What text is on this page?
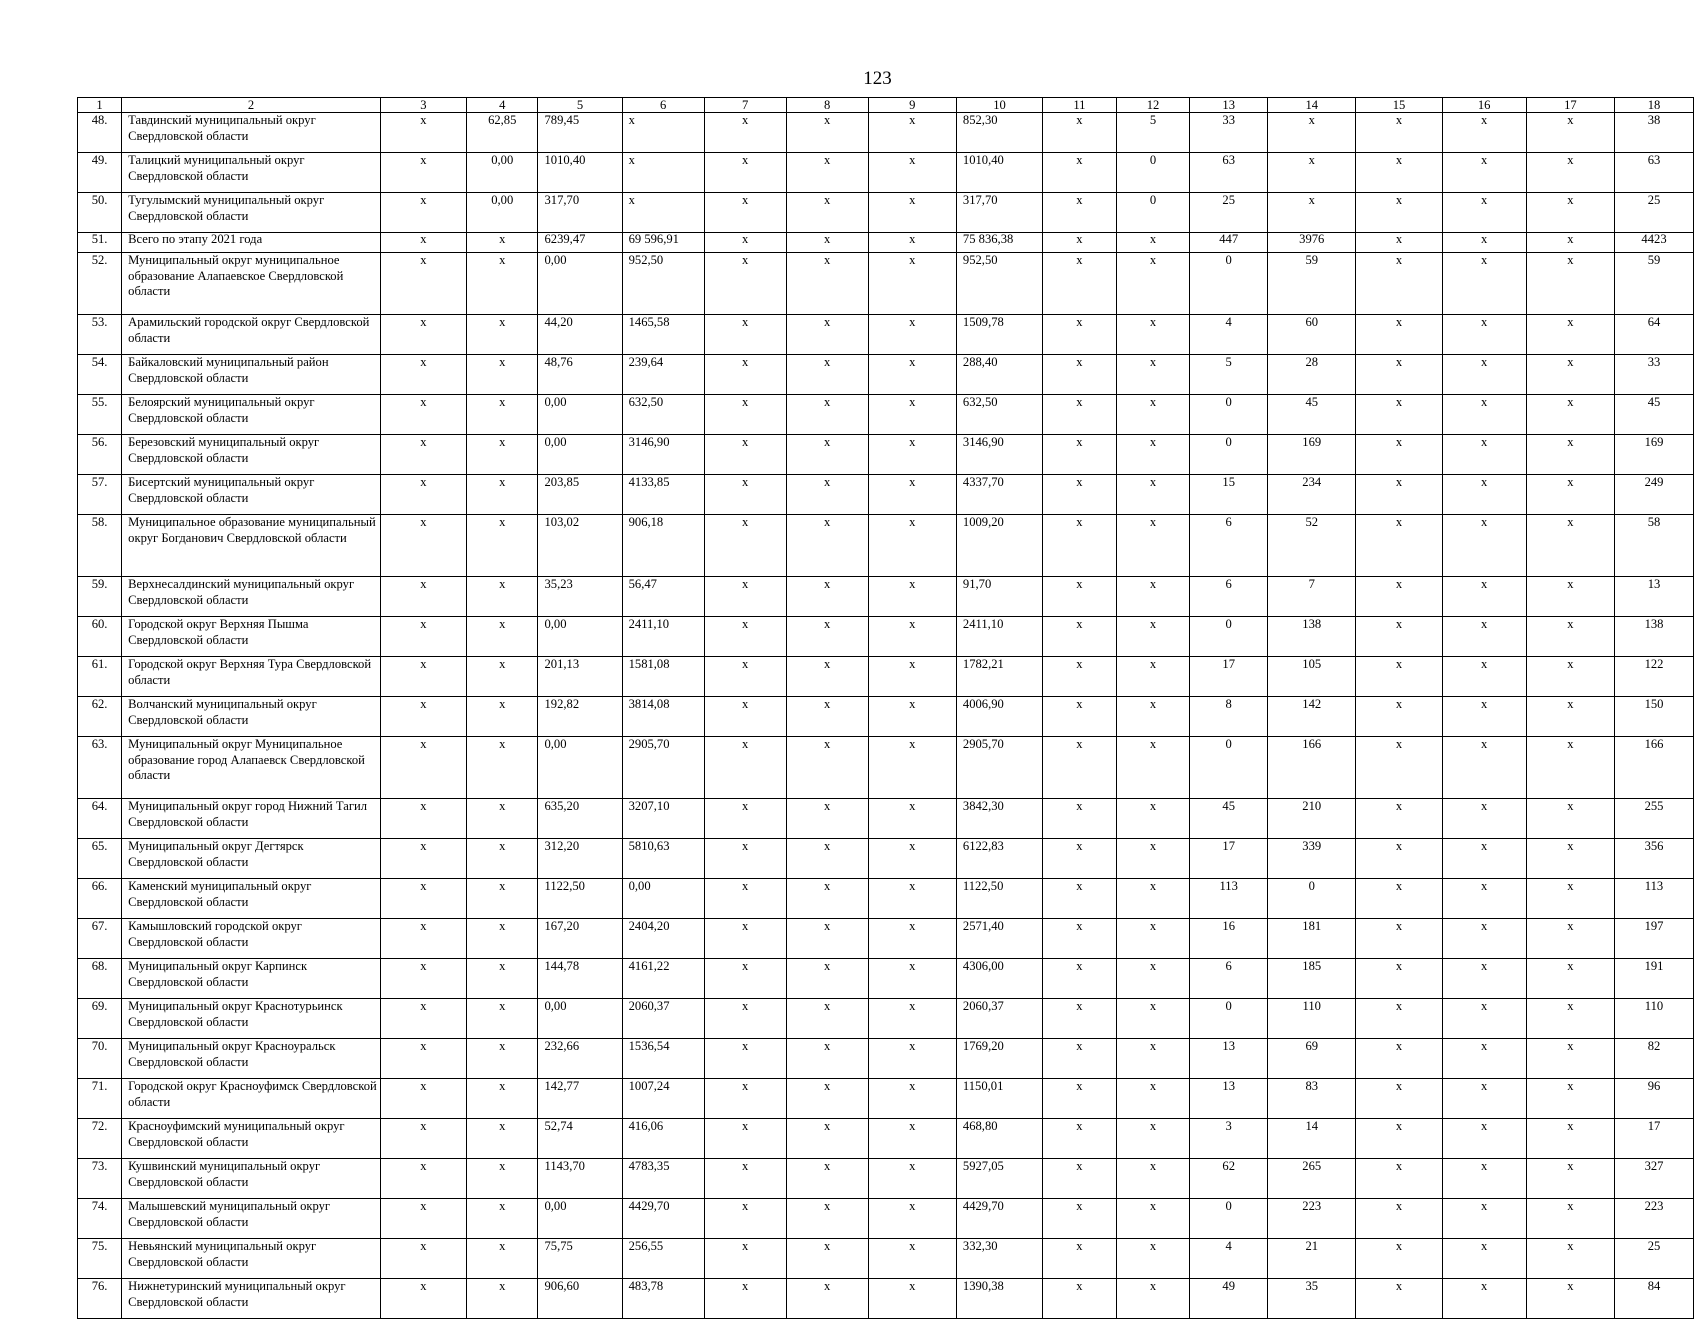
123
1	2	3	4	5	6	7	8	9	10	11	12	13	14	15	16	17	18
48.	Тавдинский муниципальный округ Свердловской области	x	62,85	789,45	x	x	x	x	852,30	x	5	33	x	x	x	x	38
49.	Талицкий муниципальный округ Свердловской области	x	0,00	1010,40	x	x	x	x	1010,40	x	0	63	x	x	x	x	63
50.	Тугулымский муниципальный округ Свердловской области	x	0,00	317,70	x	x	x	x	317,70	x	0	25	x	x	x	x	25
51.	Всего по этапу 2021 года	x	x	6239,47	69 596,91	x	x	x	75 836,38	x	x	447	3976	x	x	x	4423
52.	Муниципальный округ муниципальное образование Алапаевское Свердловской области	x	x	0,00	952,50	x	x	x	952,50	x	x	0	59	x	x	x	59
53.	Арамильский городской округ Свердловской области	x	x	44,20	1465,58	x	x	x	1509,78	x	x	4	60	x	x	x	64
54.	Байкаловский муниципальный район Свердловской области	x	x	48,76	239,64	x	x	x	288,40	x	x	5	28	x	x	x	33
55.	Белоярский муниципальный округ Свердловской области	x	x	0,00	632,50	x	x	x	632,50	x	x	0	45	x	x	x	45
56.	Березовский муниципальный округ Свердловской области	x	x	0,00	3146,90	x	x	x	3146,90	x	x	0	169	x	x	x	169
57.	Бисертский муниципальный округ Свердловской области	x	x	203,85	4133,85	x	x	x	4337,70	x	x	15	234	x	x	x	249
58.	Муниципальное образование муниципальный округ Богданович Свердловской области	x	x	103,02	906,18	x	x	x	1009,20	x	x	6	52	x	x	x	58
59.	Верхнесалдинский муниципальный округ Свердловской области	x	x	35,23	56,47	x	x	x	91,70	x	x	6	7	x	x	x	13
60.	Городской округ Верхняя Пышма Свердловской области	x	x	0,00	2411,10	x	x	x	2411,10	x	x	0	138	x	x	x	138
61.	Городской округ Верхняя Тура Свердловской области	x	x	201,13	1581,08	x	x	x	1782,21	x	x	17	105	x	x	x	122
62.	Волчанский муниципальный округ Свердловской области	x	x	192,82	3814,08	x	x	x	4006,90	x	x	8	142	x	x	x	150
63.	Муниципальный округ Муниципальное образование город Алапаевск Свердловской области	x	x	0,00	2905,70	x	x	x	2905,70	x	x	0	166	x	x	x	166
64.	Муниципальный округ город Нижний Тагил Свердловской области	x	x	635,20	3207,10	x	x	x	3842,30	x	x	45	210	x	x	x	255
65.	Муниципальный округ Дегтярск Свердловской области	x	x	312,20	5810,63	x	x	x	6122,83	x	x	17	339	x	x	x	356
66.	Каменский муниципальный округ Свердловской области	x	x	1122,50	0,00	x	x	x	1122,50	x	x	113	0	x	x	x	113
67.	Камышловский городской округ Свердловской области	x	x	167,20	2404,20	x	x	x	2571,40	x	x	16	181	x	x	x	197
68.	Муниципальный округ Карпинск Свердловской области	x	x	144,78	4161,22	x	x	x	4306,00	x	x	6	185	x	x	x	191
69.	Муниципальный округ Краснотурьинск Свердловской области	x	x	0,00	2060,37	x	x	x	2060,37	x	x	0	110	x	x	x	110
70.	Муниципальный округ Красноуральск Свердловской области	x	x	232,66	1536,54	x	x	x	1769,20	x	x	13	69	x	x	x	82
71.	Городской округ Красноуфимск Свердловской области	x	x	142,77	1007,24	x	x	x	1150,01	x	x	13	83	x	x	x	96
72.	Красноуфимский муниципальный округ Свердловской области	x	x	52,74	416,06	x	x	x	468,80	x	x	3	14	x	x	x	17
73.	Кушвинский муниципальный округ Свердловской области	x	x	1143,70	4783,35	x	x	x	5927,05	x	x	62	265	x	x	x	327
74.	Малышевский муниципальный округ Свердловской области	x	x	0,00	4429,70	x	x	x	4429,70	x	x	0	223	x	x	x	223
75.	Невьянский муниципальный округ Свердловской области	x	x	75,75	256,55	x	x	x	332,30	x	x	4	21	x	x	x	25
76.	Нижнетуринский муниципальный округ Свердловской области	x	x	906,60	483,78	x	x	x	1390,38	x	x	49	35	x	x	x	84
